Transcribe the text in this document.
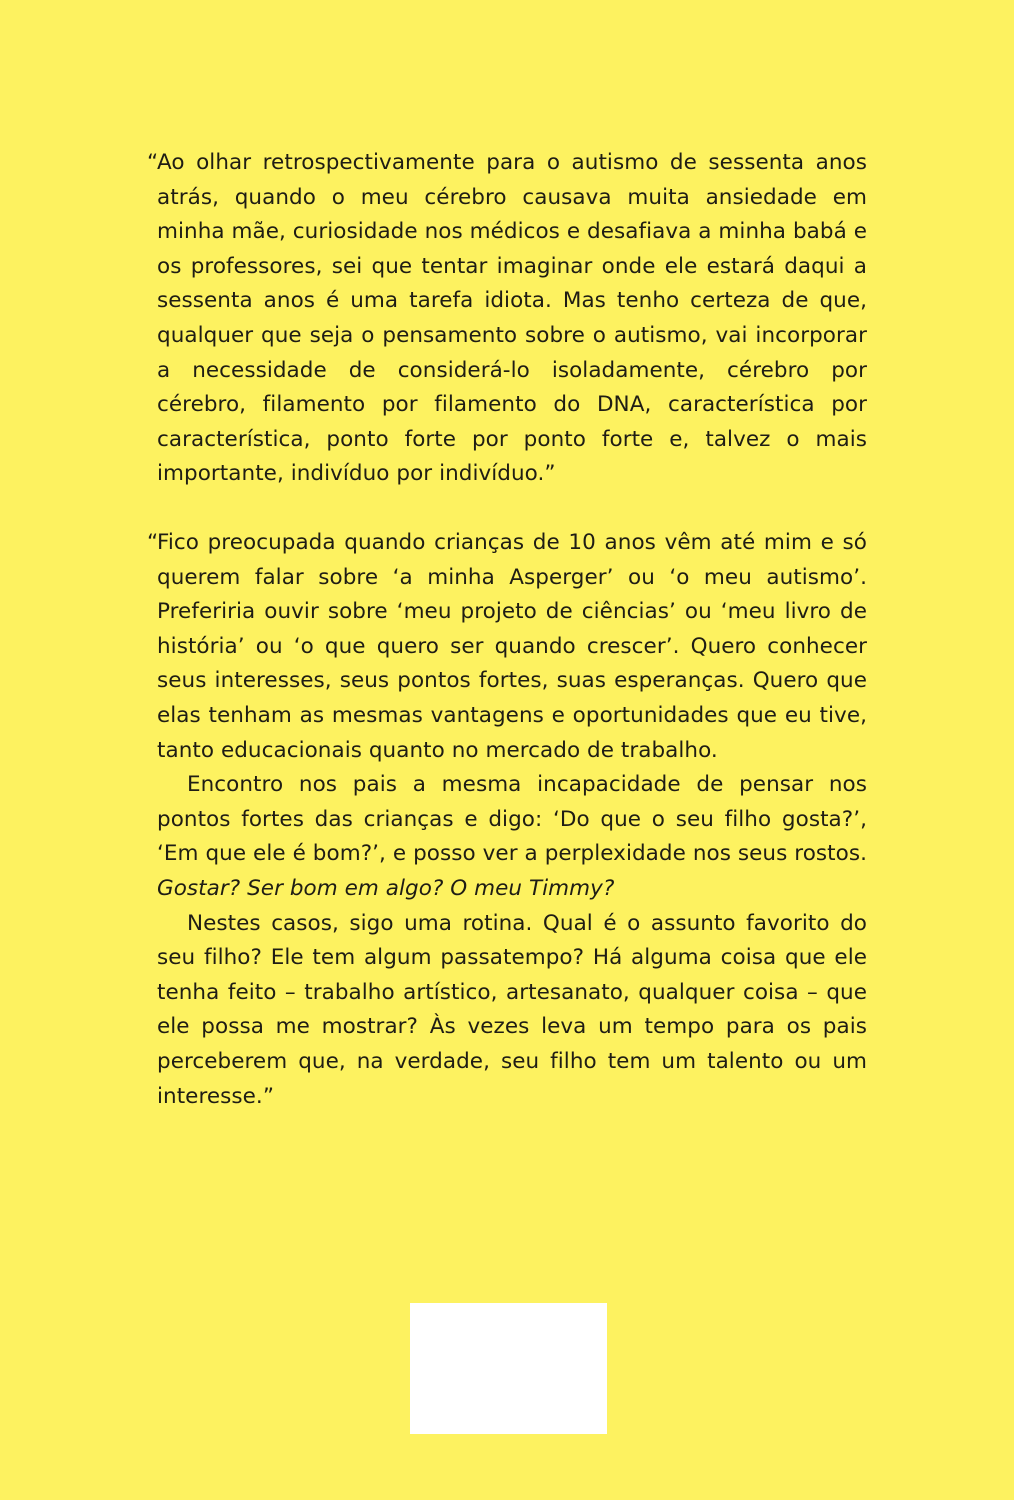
“
Ao olhar retrospectivamente para o autismo de sessenta anos atrás, quando o meu cérebro causava muita ansiedade em minha mãe, curiosidade nos médicos e desafiava a minha babá e os professores, sei que tentar imaginar onde ele estará daqui a sessenta anos é uma tarefa idiota. Mas tenho certeza de que, qualquer que seja o pensamento sobre o autismo, vai incorporar a necessidade de considerá-lo isoladamente, cérebro por cérebro, filamento por filamento do DNA, característica por característica, ponto forte por ponto forte e, talvez o mais importante, indivíduo por indivíduo.”

“
Fico preocupada quando crianças de 10 anos vêm até mim e só querem falar sobre ‘a minha Asperger’ ou ‘o meu autismo’. Preferiria ouvir sobre ‘meu projeto de ciências’ ou ‘meu livro de história’ ou ‘o que quero ser quando crescer’. Quero conhecer seus interesses, seus pontos fortes, suas esperanças. Quero que elas tenham as mesmas vantagens e oportunidades que eu tive, tanto educacionais quanto no mercado de trabalho.

Encontro nos pais a mesma incapacidade de pensar nos pontos fortes das crianças e digo: ‘Do que o seu filho gosta?’, ‘Em que ele é bom?’, e posso ver a perplexidade nos seus rostos. Gostar? Ser bom em algo? O meu Timmy?

Nestes casos, sigo uma rotina. Qual é o assunto favorito do seu filho? Ele tem algum passatempo? Há alguma coisa que ele tenha feito – trabalho artístico, artesanato, qualquer coisa – que ele possa me mostrar? Às vezes leva um tempo para os pais perceberem que, na verdade, seu filho tem um talento ou um interesse.”
